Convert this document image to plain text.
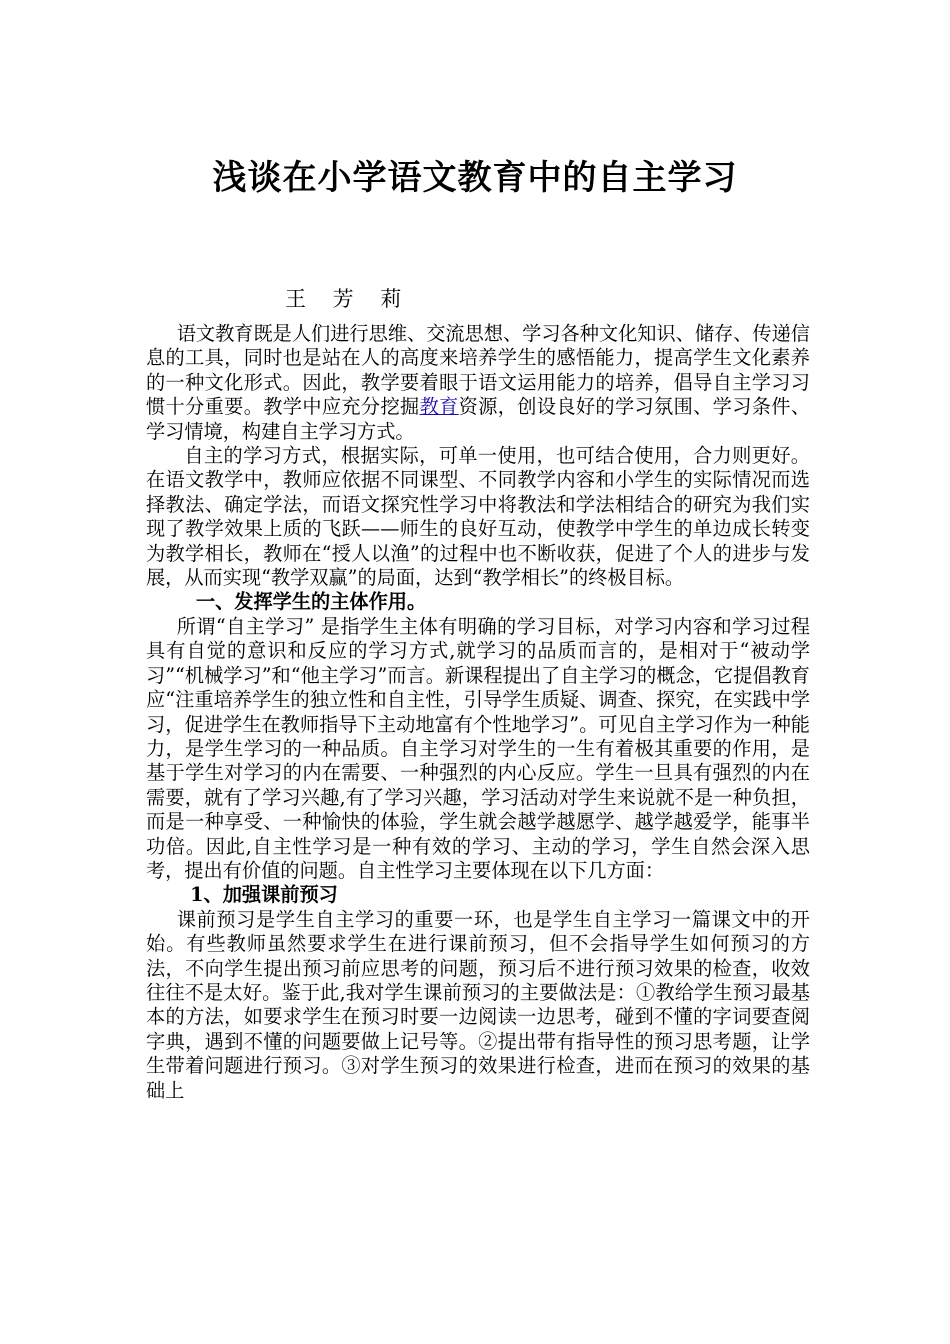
浅谈在小学语文教育中的自主学习
王 芳 莉

语文教育既是人们进行思维、交流思想、学习各种文化知识、储存、传递信息的工具，同时也是站在人的高度来培养学生的感悟能力，提高学生文化素养的一种文化形式。因此，教学要着眼于语文运用能力的培养，倡导自主学习习惯十分重要。教学中应充分挖掘教育资源，创设良好的学习氛围、学习条件、学习情境，构建自主学习方式。

自主的学习方式，根据实际，可单一使用，也可结合使用，合力则更好。在语文教学中，教师应依据不同课型、不同教学内容和小学生的实际情况而选择教法、确定学法，而语文探究性学习中将教法和学法相结合的研究为我们实现了教学效果上质的飞跃——师生的良好互动，使教学中学生的单边成长转变为教学相长，教师在“授人以渔”的过程中也不断收获，促进了个人的进步与发展，从而实现“教学双赢”的局面，达到“教学相长”的终极目标。

一、发挥学生的主体作用。

所谓“自主学习” 是指学生主体有明确的学习目标，对学习内容和学习过程具有自觉的意识和反应的学习方式,就学习的品质而言的，是相对于“被动学习”“机械学习”和“他主学习”而言。新课程提出了自主学习的概念，它提倡教育应“注重培养学生的独立性和自主性，引导学生质疑、调查、探究，在实践中学习，促进学生在教师指导下主动地富有个性地学习”。可见自主学习作为一种能力，是学生学习的一种品质。自主学习对学生的一生有着极其重要的作用，是基于学生对学习的内在需要、一种强烈的内心反应。学生一旦具有强烈的内在需要，就有了学习兴趣,有了学习兴趣，学习活动对学生来说就不是一种负担，而是一种享受、一种愉快的体验，学生就会越学越愿学、越学越爱学，能事半功倍。因此,自主性学习是一种有效的学习、主动的学习，学生自然会深入思考，提出有价值的问题。自主性学习主要体现在以下几方面：

1、加强课前预习

课前预习是学生自主学习的重要一环，也是学生自主学习一篇课文中的开始。有些教师虽然要求学生在进行课前预习，但不会指导学生如何预习的方法，不向学生提出预习前应思考的问题，预习后不进行预习效果的检查，收效往往不是太好。鉴于此,我对学生课前预习的主要做法是：①教给学生预习最基本的方法，如要求学生在预习时要一边阅读一边思考，碰到不懂的字词要查阅字典，遇到不懂的问题要做上记号等。②提出带有指导性的预习思考题，让学生带着问题进行预习。③对学生预习的效果进行检查，进而在预习的效果的基础上
